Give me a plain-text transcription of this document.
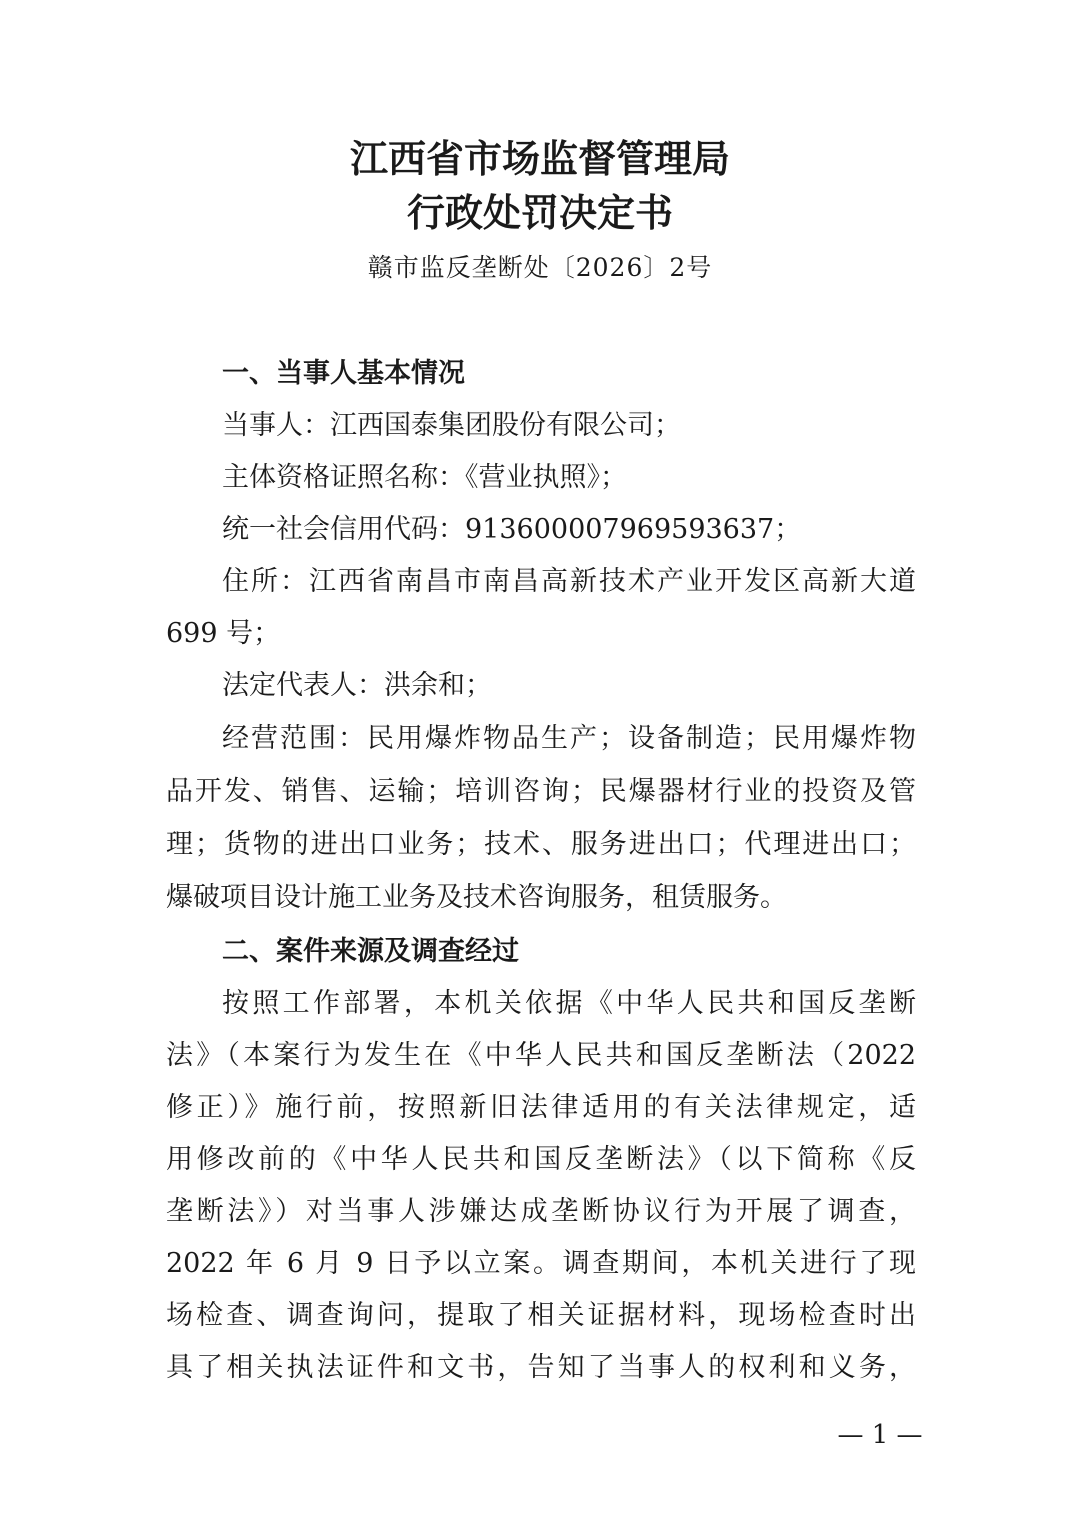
江西省市场监督管理局
行政处罚决定书
赣市监反垄断处〔2026〕2号
一、当事人基本情况
当事人：江西国泰集团股份有限公司；
主体资格证照名称：《营业执照》；
统一社会信用代码：913600007969593637；
住所：江西省南昌市南昌高新技术产业开发区高新大道
699 号；
法定代表人：洪余和；
经营范围：民用爆炸物品生产；设备制造；民用爆炸物
品开发、销售、运输；培训咨询；民爆器材行业的投资及管
理；货物的进出口业务；技术、服务进出口；代理进出口；
爆破项目设计施工业务及技术咨询服务，租赁服务。
二、案件来源及调查经过
按照工作部署，本机关依据《中华人民共和国反垄断
法》（本案行为发生在《中华人民共和国反垄断法（2022
修正）》施行前，按照新旧法律适用的有关法律规定，适
用修改前的《中华人民共和国反垄断法》（以下简称《反
垄断法》）对当事人涉嫌达成垄断协议行为开展了调查，
2022 年 6 月 9 日予以立案。调查期间，本机关进行了现
场检查、调查询问，提取了相关证据材料，现场检查时出
具了相关执法证件和文书，告知了当事人的权利和义务，
— 1 —
